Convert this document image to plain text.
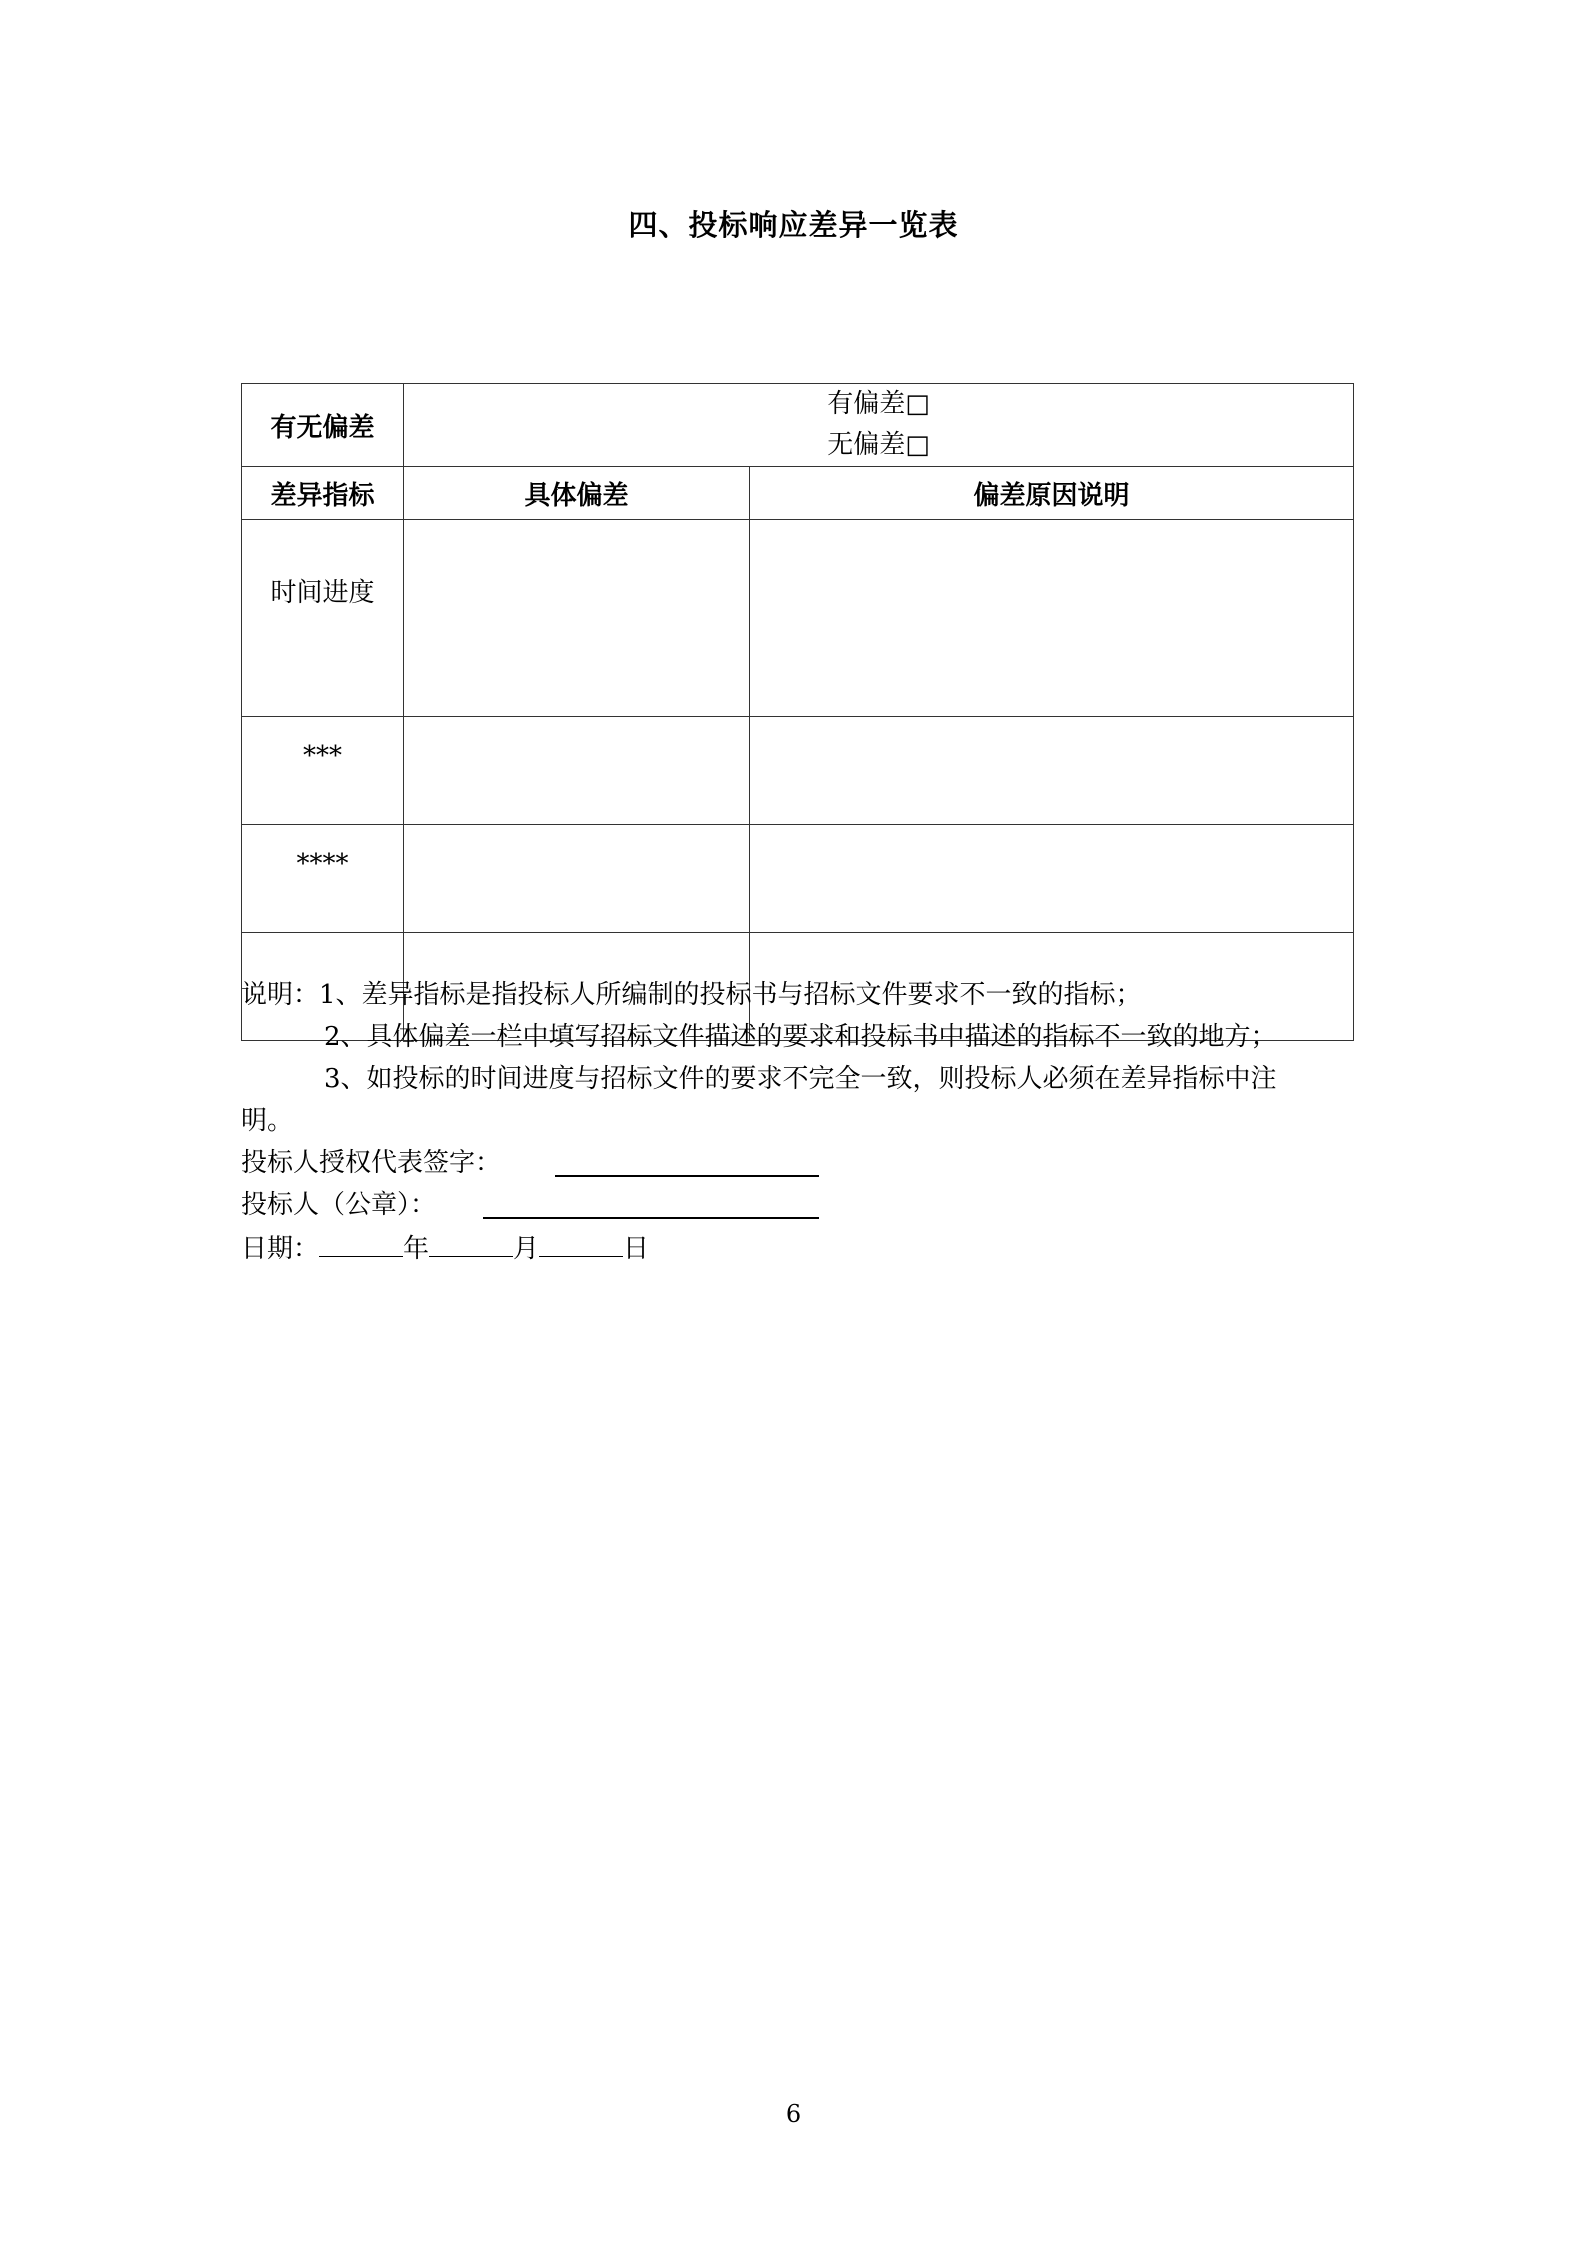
四、投标响应差异一览表
有无偏差	有偏差□
无偏差□	

差异指标	具体偏差	偏差原因说明
时间进度		
***		
****		

说明：1、差异指标是指投标人所编制的投标书与招标文件要求不一致的指标；

2、具体偏差一栏中填写招标文件描述的要求和投标书中描述的指标不一致的地方；

3、如投标的时间进度与招标文件的要求不完全一致，则投标人必须在差异指标中注

明。

投标人授权代表签字：

投标人（公章）：

日期：	年	月	日

6
